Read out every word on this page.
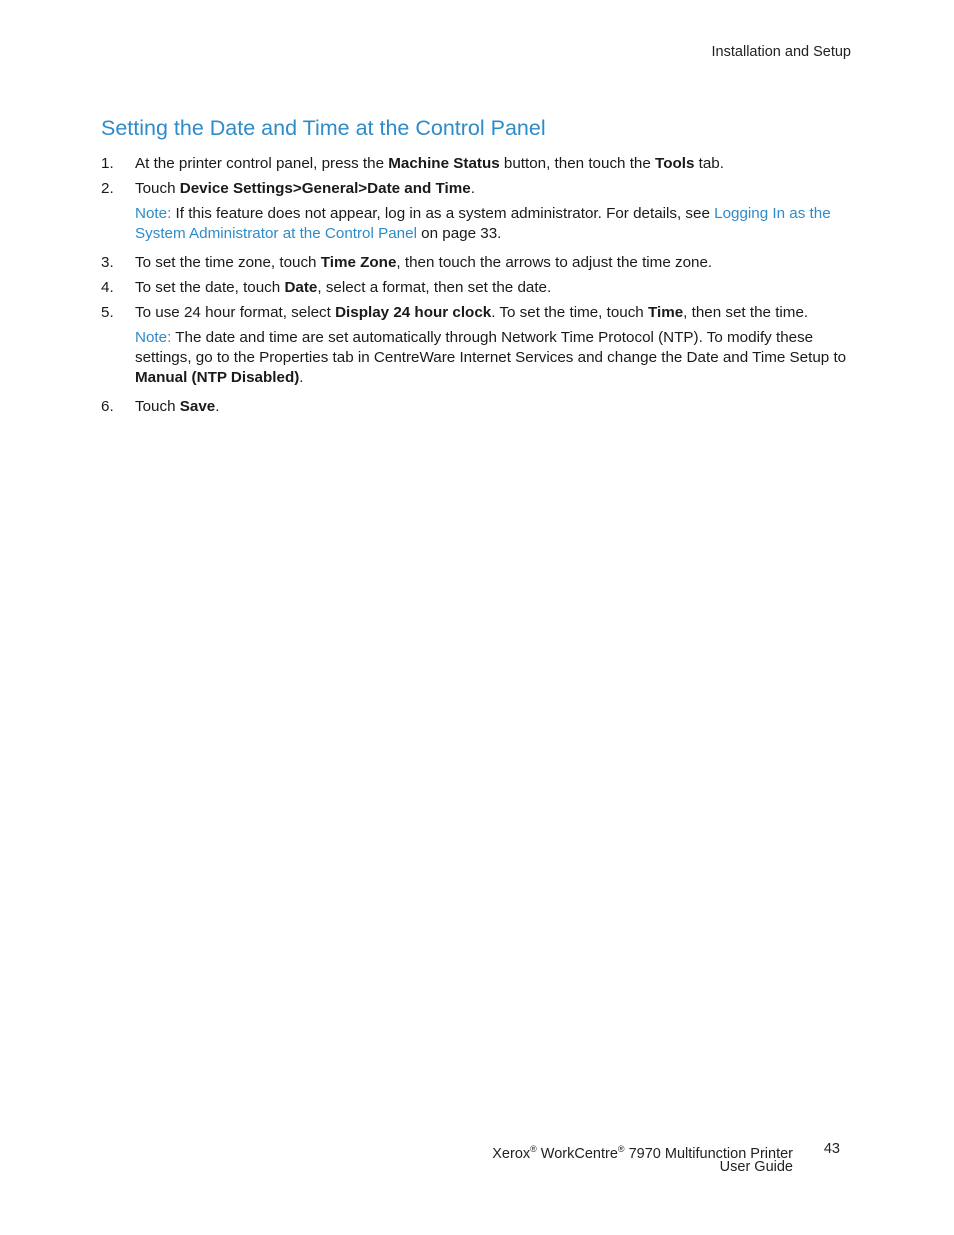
Installation and Setup
Setting the Date and Time at the Control Panel
1. At the printer control panel, press the Machine Status button, then touch the Tools tab.
2. Touch Device Settings>General>Date and Time.
Note: If this feature does not appear, log in as a system administrator. For details, see Logging In as the System Administrator at the Control Panel on page 33.
3. To set the time zone, touch Time Zone, then touch the arrows to adjust the time zone.
4. To set the date, touch Date, select a format, then set the date.
5. To use 24 hour format, select Display 24 hour clock. To set the time, touch Time, then set the time.
Note: The date and time are set automatically through Network Time Protocol (NTP). To modify these settings, go to the Properties tab in CentreWare Internet Services and change the Date and Time Setup to Manual (NTP Disabled).
6. Touch Save.
Xerox® WorkCentre® 7970 Multifunction Printer
User Guide
43
